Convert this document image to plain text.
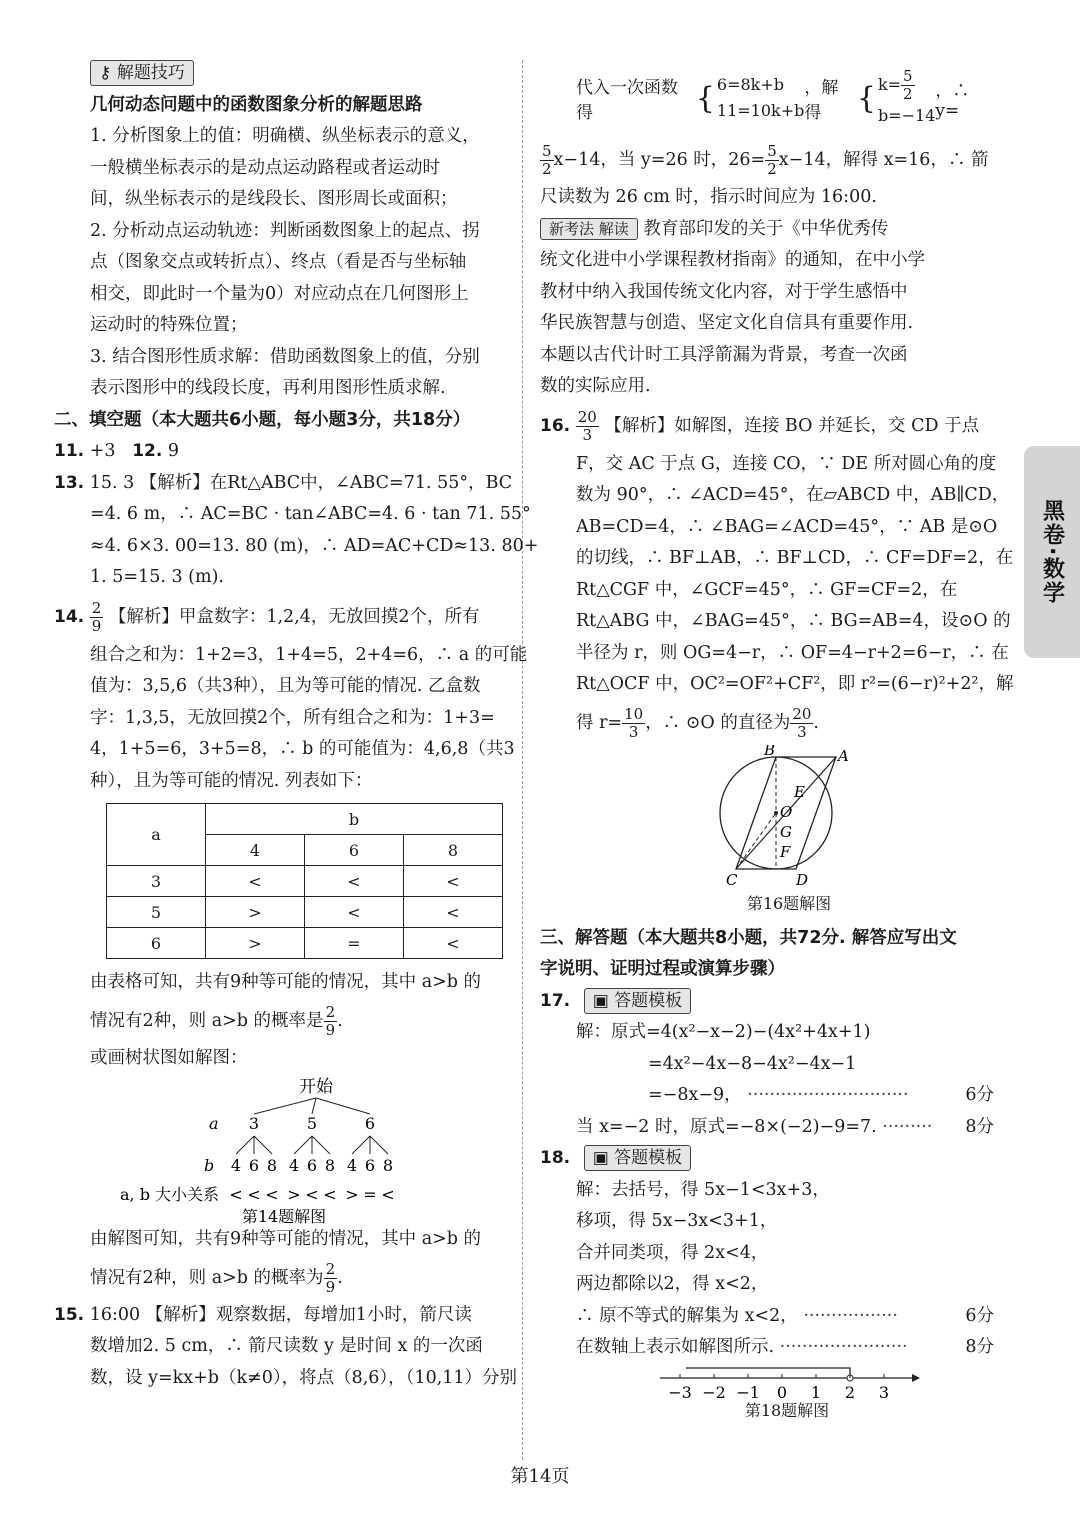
⚷ 解题技巧
几何动态问题中的函数图象分析的解题思路
1. 分析图象上的值：明确横、纵坐标表示的意义，
一般横坐标表示的是动点运动路程或者运动时
间，纵坐标表示的是线段长、图形周长或面积；
2. 分析动点运动轨迹：判断函数图象上的起点、拐
点（图象交点或转折点）、终点（看是否与坐标轴
相交，即此时一个量为0）对应动点在几何图形上
运动时的特殊位置；
3. 结合图形性质求解：借助函数图象上的值，分别
表示图形中的线段长度，再利用图形性质求解.
二、填空题（本大题共6小题，每小题3分，共18分）
11. +3 12. 9
13. 15. 3 【解析】在Rt△ABC中，∠ABC=71. 55°，BC
=4. 6 m，∴ AC=BC · tan∠ABC=4. 6 · tan 71. 55°
≈4. 6×3. 00=13. 80 (m)，∴ AD=AC+CD≈13. 80+
1. 5=15. 3 (m).
14. $\frac{2}{9}$ 【解析】甲盒数字：1,2,4，无放回摸2个，所有
组合之和为：1+2=3，1+4=5，2+4=6，∴ a 的可能
值为：3,5,6（共3种），且为等可能的情况. 乙盒数
字：1,3,5，无放回摸2个，所有组合之和为：1+3=
4，1+5=6，3+5=8，∴ b 的可能值为：4,6,8（共3
种），且为等可能的情况. 列表如下：
a	b		
	4	6	8
3	<	<	<
5	>	<	<
6	>	=	<
由表格可知，共有9种等可能的情况，其中 a>b 的
情况有2种，则 a>b 的概率是 $\frac{2}{9}$ .
或画树状图如解图：
开始
a 3	5	6
b 4 6 8 4 6 8 4 6 8
a, b 大小关系 < < < > < < > = <
第14题解图
由解图可知，共有9种等可能的情况，其中 a>b 的
情况有2种，则 a>b 的概率为 $\frac{2}{9}$ .
15. 16:00 【解析】观察数据，每增加1小时，箭尺读
数增加2. 5 cm，∴ 箭尺读数 y 是时间 x 的一次函
数，设 y=kx+b（k≠0），将点（8,6），（10,11）分别
代入一次函数得	{ 6=8k+b
11=10k+b
，解得	{ $k= \frac{5}{2}$
b=−14
，∴ y=
$\frac{5}{2} x-14$，当 y=26 时，$26= \frac{5}{2} x-14$，解得 x=16，∴ 箭
尺读数为 26 cm 时，指示时间应为 16:00.
新考法 解读 教育部印发的关于《中华优秀传
统文化进中小学课程教材指南》的通知，在中小学
教材中纳入我国传统文化内容，对于学生感悟中
华民族智慧与创造、坚定文化自信具有重要作用.
本题以古代计时工具浮箭漏为背景，考查一次函
数的实际应用.
16. $\frac{20}{3}$ 【解析】如解图，连接 BO 并延长，交 CD 于点
F，交 AC 于点 G，连接 CO，∵ DE 所对圆心角的度
数为 90°，∴ ∠ACD=45°，在▱ABCD 中，AB∥CD，
AB=CD=4，∴ ∠BAG=∠ACD=45°，∵ AB 是⊙O
的切线，∴ BF⊥AB，∴ BF⊥CD，∴ CF=DF=2，在
Rt△CGF 中，∠GCF=45°，∴ GF=CF=2，在
Rt△ABG 中，∠BAG=45°，∴ BG=AB=4，设⊙O 的
半径为 r，则 OG=4−r，∴ OF=4−r+2=6−r，∴ 在
Rt△OCF 中，OC²=OF²+CF²，即 r²=(6−r)²+2²，解
得 $r= \frac{10}{3}$ ，∴ ⊙O 的直径为 $\frac{20}{3}$ .
B	A
E
O
G
F
C	D
第16题解图
三、解答题（本大题共8小题，共72分. 解答应写出文
字说明、证明过程或演算步骤）
17. ▣ 答题模板
解：原式=4(x²−x−2)−(4x²+4x+1)
=4x²−4x−8−4x²−4x−1
=−8x−9， ·····························	6分
当 x=−2 时，原式=−8×(−2)−9=7. ········· 8分
18. ▣ 答题模板
解：去括号，得 5x−1<3x+3，
移项，得 5x−3x<3+1，
合并同类项，得 2x<4，
两边都除以2，得 x<2，
∴ 原不等式的解集为 x<2， ·················	6分
在数轴上表示如解图所示. ·······················	8分
−3 −2 −1 0 1 2 3
第18题解图
黑卷·数学
第14页
